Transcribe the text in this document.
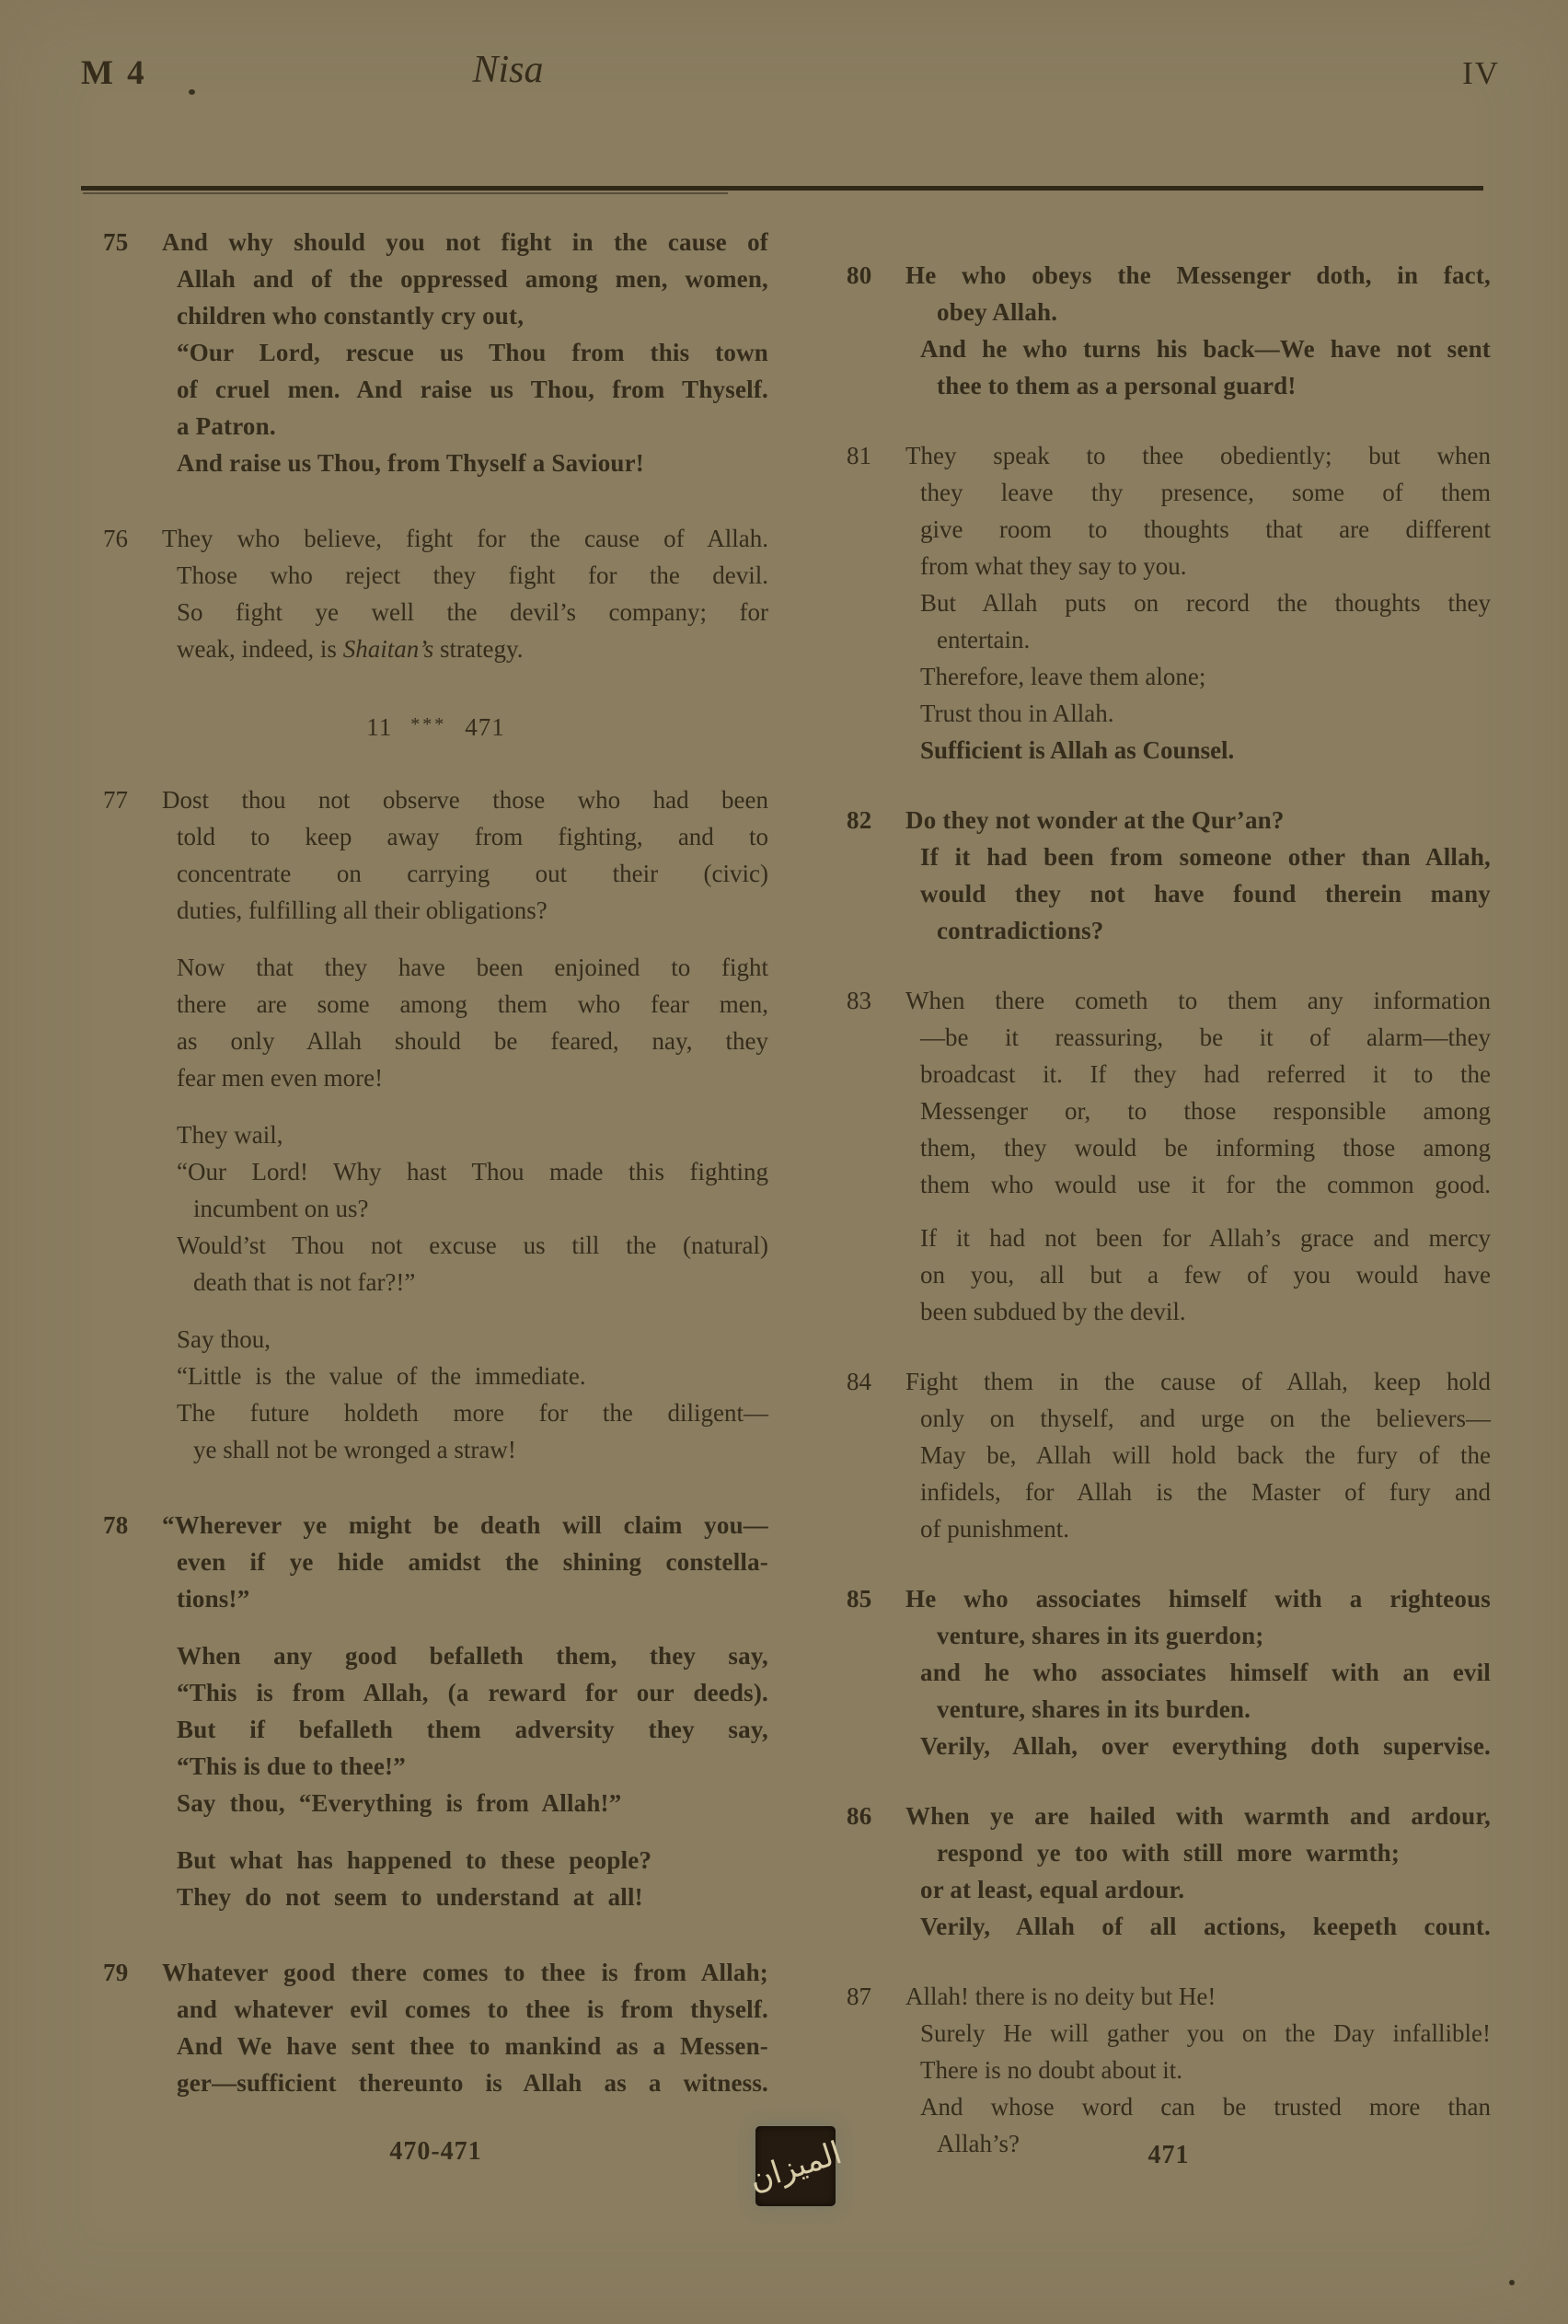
M 4	Nisa	IV
75 And why should you not fight in the cause of
Allah and of the oppressed among men, women,
children who constantly cry out,
“Our Lord, rescue us Thou from this town
of cruel men. And raise us Thou, from Thyself.
a Patron.
And raise us Thou, from Thyself a Saviour!
76 They who believe, fight for the cause of Allah.
Those who reject they fight for the devil.
So fight ye well the devil’s company; for
weak, indeed, is Shaitan’s strategy.
11 *** 471
77 Dost thou not observe those who had been
told to keep away from fighting, and to
concentrate on carrying out their (civic)
duties, fulfilling all their obligations?
Now that they have been enjoined to fight
there are some among them who fear men,
as only Allah should be feared, nay, they
fear men even more!
They wail,
“Our Lord! Why hast Thou made this fighting
incumbent on us?
Would’st Thou not excuse us till the (natural)
death that is not far?!”
Say thou,
“Little is the value of the immediate.
The future holdeth more for the diligent—
ye shall not be wronged a straw!
78 “Wherever ye might be death will claim you—
even if ye hide amidst the shining constella-
tions!”
When any good befalleth them, they say,
“This is from Allah, (a reward for our deeds).
But if befalleth them adversity they say,
“This is due to thee!”
Say thou, “Everything is from Allah!”
But what has happened to these people?
They do not seem to understand at all!
79 Whatever good there comes to thee is from Allah;
and whatever evil comes to thee is from thyself.
And We have sent thee to mankind as a Messen-
ger—sufficient thereunto is Allah as a witness.
80 He who obeys the Messenger doth, in fact,
obey Allah.
And he who turns his back—We have not sent
thee to them as a personal guard!
81 They speak to thee obediently; but when
they leave thy presence, some of them
give room to thoughts that are different
from what they say to you.
But Allah puts on record the thoughts they
entertain.
Therefore, leave them alone;
Trust thou in Allah.
Sufficient is Allah as Counsel.
82 Do they not wonder at the Qur’an?
If it had been from someone other than Allah,
would they not have found therein many
contradictions?
83 When there cometh to them any information
—be it reassuring, be it of alarm—they
broadcast it. If they had referred it to the
Messenger or, to those responsible among
them, they would be informing those among
them who would use it for the common good.
If it had not been for Allah’s grace and mercy
on you, all but a few of you would have
been subdued by the devil.
84 Fight them in the cause of Allah, keep hold
only on thyself, and urge on the believers—
May be, Allah will hold back the fury of the
infidels, for Allah is the Master of fury and
of punishment.
85 He who associates himself with a righteous
venture, shares in its guerdon;
and he who associates himself with an evil
venture, shares in its burden.
Verily, Allah, over everything doth supervise.
86 When ye are hailed with warmth and ardour,
respond ye too with still more warmth;
or at least, equal ardour.
Verily, Allah of all actions, keepeth count.
87 Allah! there is no deity but He!
Surely He will gather you on the Day infallible!
There is no doubt about it.
And whose word can be trusted more than
Allah’s?
470-471	الميزان	471
